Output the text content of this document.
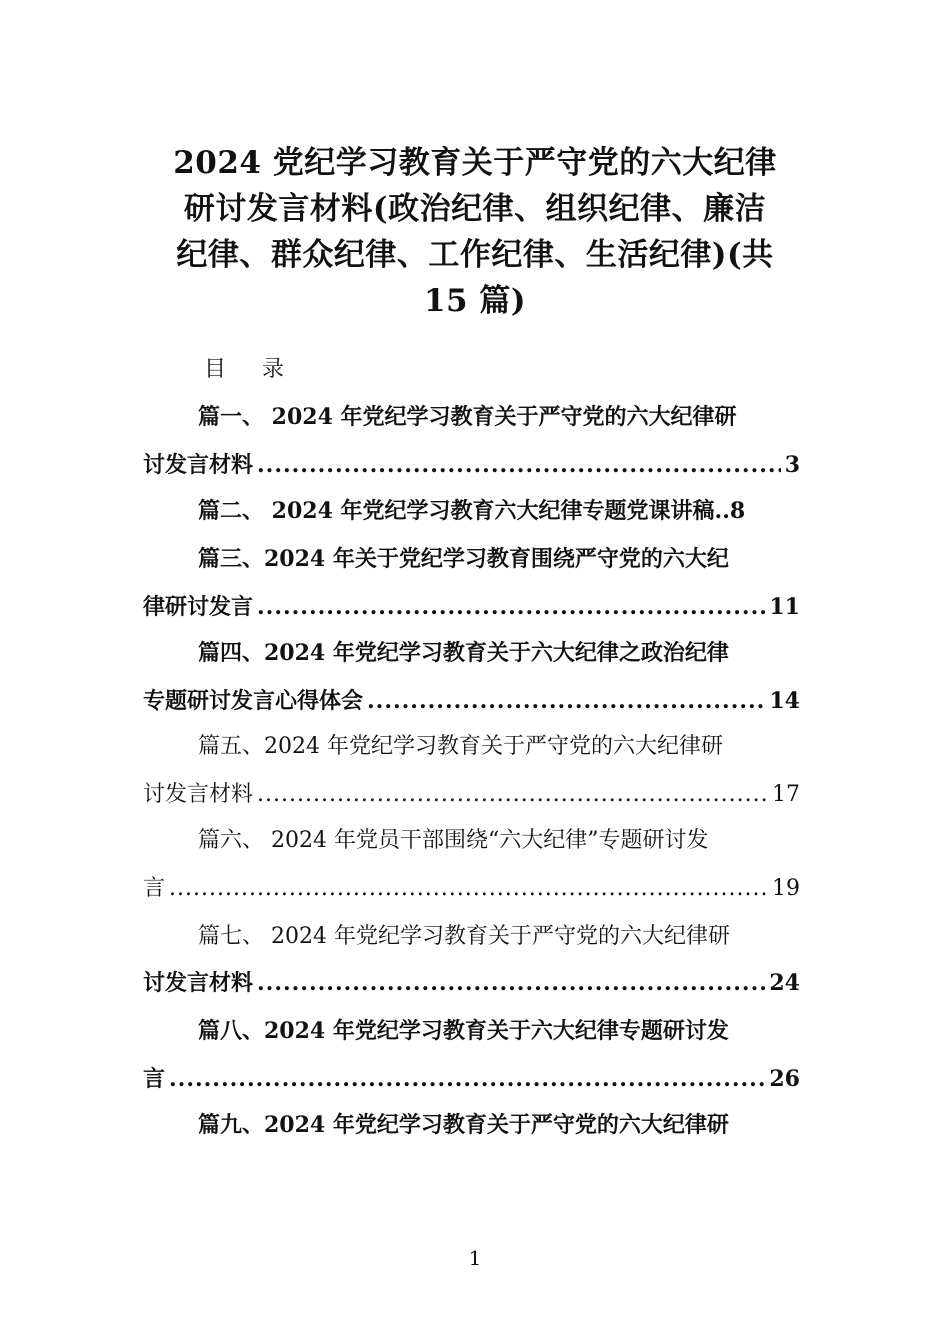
2024 党纪学习教育关于严守党的六大纪律
研讨发言材料(政治纪律、组织纪律、廉洁
纪律、群众纪律、工作纪律、生活纪律)(共
15 篇)
目 录
篇一、 2024 年党纪学习教育关于严守党的六大纪律研
讨发言材料 .....	3
篇二、 2024 年党纪学习教育六大纪律专题党课讲稿..8
篇三、2024 年关于党纪学习教育围绕严守党的六大纪
律研讨发言 .....	11
篇四、2024 年党纪学习教育关于六大纪律之政治纪律
专题研讨发言心得体会 .....	14
篇五、2024 年党纪学习教育关于严守党的六大纪律研
讨发言材料 .....	17
篇六、 2024 年党员干部围绕“六大纪律”专题研讨发
言 .....	19
篇七、 2024 年党纪学习教育关于严守党的六大纪律研
讨发言材料 .....	24
篇八、2024 年党纪学习教育关于六大纪律专题研讨发
言 .....	26
篇九、2024 年党纪学习教育关于严守党的六大纪律研
1
